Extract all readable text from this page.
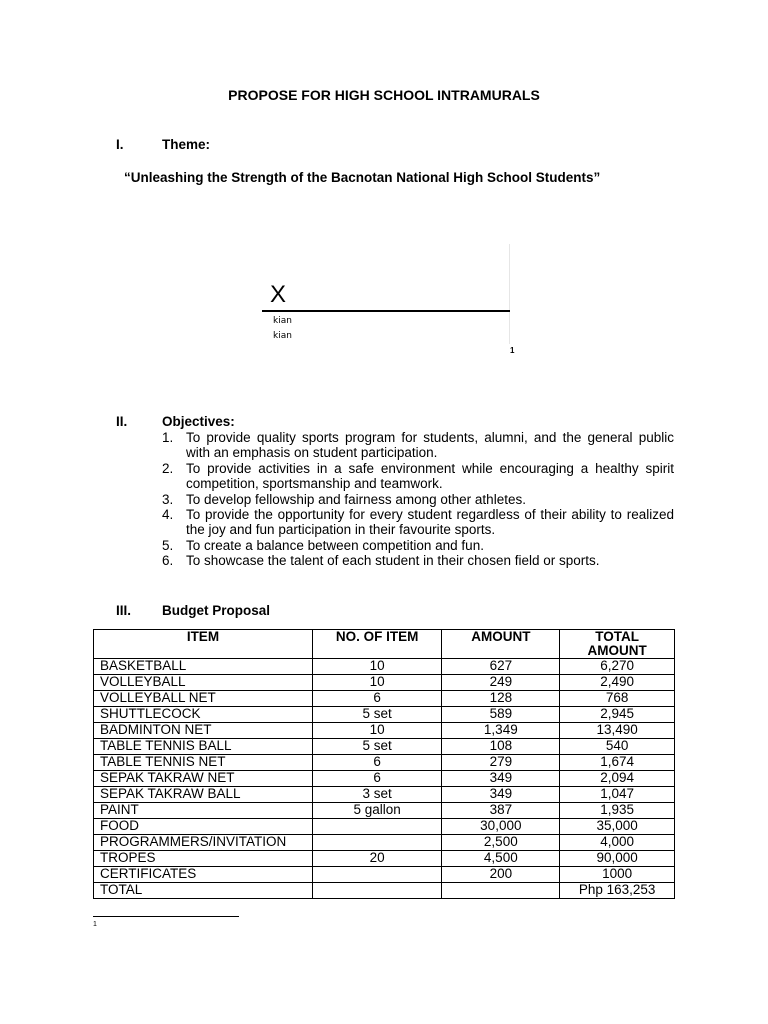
PROPOSE FOR HIGH SCHOOL INTRAMURALS
I.	Theme:
“Unleashing the Strength of the Bacnotan National High School Students”
X
kian
kian
1
II.	Objectives:
1. To provide quality sports program for students, alumni, and the general public with an emphasis on student participation.
2. To provide activities in a safe environment while encouraging a healthy spirit competition, sportsmanship and teamwork.
3. To develop fellowship and fairness among other athletes.
4. To provide the opportunity for every student regardless of their ability to realized the joy and fun participation in their favourite sports.
5. To create a balance between competition and fun.
6. To showcase the talent of each student in their chosen field or sports.
III. Budget Proposal
ITEM	NO. OF ITEM	AMOUNT	TOTAL AMOUNT
BASKETBALL	10	627	6,270
VOLLEYBALL	10	249	2,490
VOLLEYBALL NET	6	128	768
SHUTTLECOCK	5 set	589	2,945
BADMINTON NET	10	1,349	13,490
TABLE TENNIS BALL	5 set	108	540
TABLE TENNIS NET	6	279	1,674
SEPAK TAKRAW NET	6	349	2,094
SEPAK TAKRAW BALL	3 set	349	1,047
PAINT	5 gallon	387	1,935
FOOD		30,000	35,000
PROGRAMMERS/INVITATION		2,500	4,000
TROPES	20	4,500	90,000
CERTIFICATES		200	1000
TOTAL			Php 163,253
1
